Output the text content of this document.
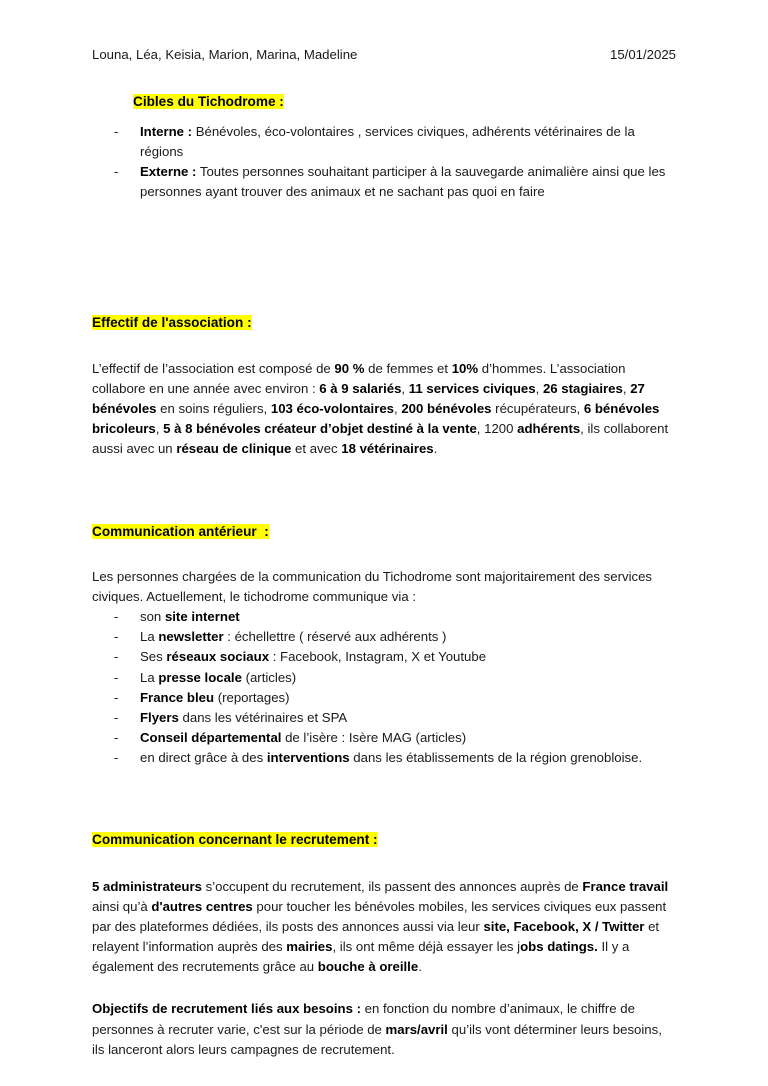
Louna, Léa, Keisia, Marion, Marina, Madeline	15/01/2025

Cibles du Tichodrome :

- Interne : Bénévoles, éco-volontaires , services civiques, adhérents vétérinaires de la régions
- Externe : Toutes personnes souhaitant participer à la sauvegarde animalière ainsi que les personnes ayant trouver des animaux et ne sachant pas quoi en faire

Effectif de l'association :

L’effectif de l’association est composé de 90 % de femmes et 10% d’hommes. L’association collabore en une année avec environ : 6 à 9 salariés, 11 services civiques, 26 stagiaires, 27 bénévoles en soins réguliers, 103 éco-volontaires, 200 bénévoles récupérateurs, 6 bénévoles bricoleurs, 5 à 8 bénévoles créateur d’objet destiné à la vente, 1200 adhérents, ils collaborent aussi avec un réseau de clinique et avec 18 vétérinaires.

Communication antérieur  :

Les personnes chargées de la communication du Tichodrome sont majoritairement des services civiques. Actuellement, le tichodrome communique via :

- son site internet
- La newsletter : échellettre ( réservé aux adhérents )
- Ses réseaux sociaux : Facebook, Instagram, X et Youtube
- La presse locale (articles)
- France bleu (reportages)
- Flyers dans les vétérinaires et SPA
- Conseil départemental de l’isère : Isère MAG (articles)
- en direct grâce à des interventions dans les établissements de la région grenobloise.

Communication concernant le recrutement :

5 administrateurs s’occupent du recrutement, ils passent des annonces auprès de France travail ainsi qu’à d'autres centres pour toucher les bénévoles mobiles, les services civiques eux passent par des plateformes dédiées, ils posts des annonces aussi via leur site, Facebook, X / Twitter et relayent l’information auprès des mairies, ils ont même déjà essayer les jobs datings. Il y a également des recrutements grâce au bouche à oreille.

Objectifs de recrutement liés aux besoins : en fonction du nombre d’animaux, le chiffre de personnes à recruter varie, c'est sur la période de mars/avril qu’ils vont déterminer leurs besoins, ils lanceront alors leurs campagnes de recrutement.
